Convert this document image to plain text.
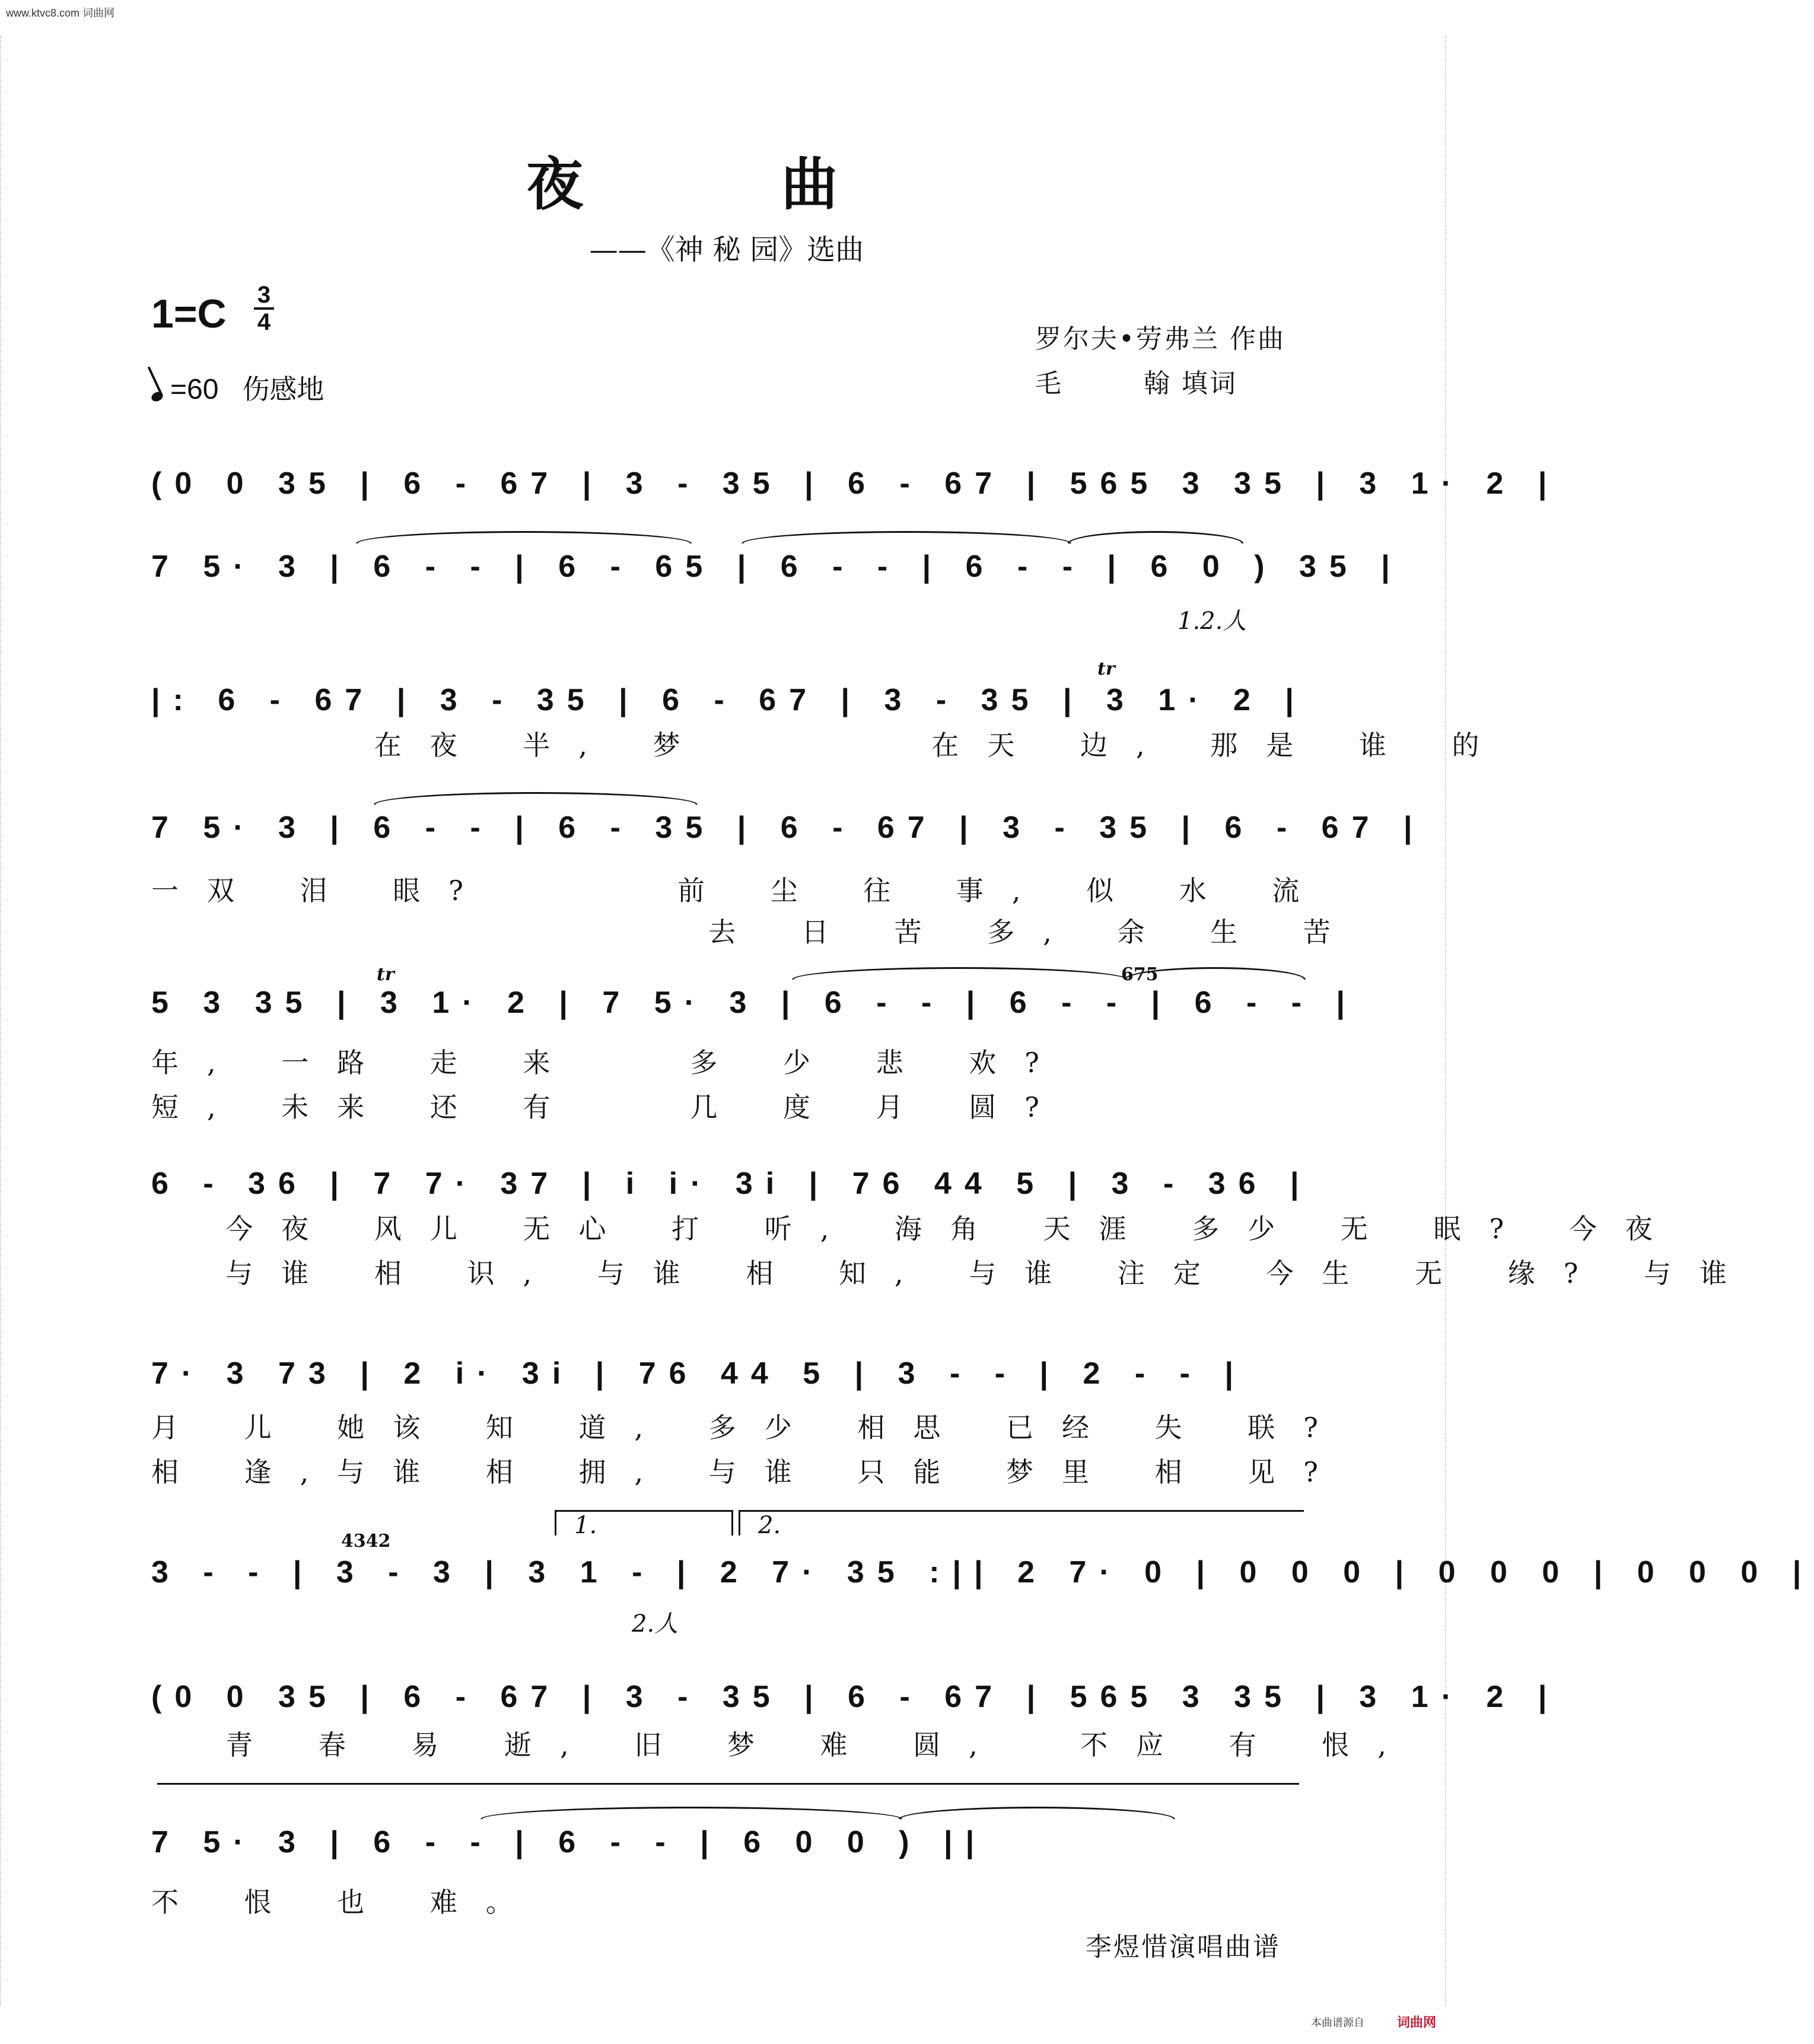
www.ktvc8.com 词曲网
夜 曲
——《神 秘 园》选曲
1=C 3
4
=60 伤感地
罗尔夫•劳弗兰 作曲
毛        翰 填词
(0 0 35 | 6 - 67 | 3 - 35 | 6 - 67 | 565 3 35 | 3 1· 2 |
7 5· 3 | 6 - - | 6 - 65 | 6 - - | 6 - - | 6 0 ) 35 |
1.2.人
tr
|: 6 - 67 | 3 - 35 | 6 - 67 | 3 - 35 | 3 1· 2 |
在夜 半, 梦      在天 边, 那是 谁 的
7 5· 3 | 6 - - | 6 - 35 | 6 - 67 | 3 - 35 | 6 - 67 |
一双 泪 眼?     前 尘 往 事, 似 水 流
去 日 苦 多, 余 生 苦
tr	675
5 3 35 | 3 1· 2 | 7 5· 3 | 6 - - | 6 - - | 6 - - |
年, 一路 走 来   多 少 悲 欢?
短, 未来 还 有   几 度 月 圆?
6 - 36 | 7 7· 37 | i i· 3i | 76 44 5 | 3 - 36 |
今夜 风儿 无心 打 听, 海角 天涯 多少 无 眠? 今夜
与谁 相 识, 与谁 相 知, 与谁 注定 今生 无 缘? 与谁
7· 3 73 | 2 i· 3i | 76 44 5 | 3 - - | 2 - - |
月 儿 她该 知 道, 多少 相思 已经 失 联?
相 逢,与谁 相 拥, 与谁 只能 梦里 相 见?
1.	2.
4342
3 - - | 3 - 3 | 3 1 - | 2 7· 35 :|| 2 7· 0 | 0 0 0 | 0 0 0 | 0 0 0 |
2.人
(0 0 35 | 6 - 67 | 3 - 35 | 6 - 67 | 565 3 35 | 3 1· 2 |
青 春 易 逝, 旧 梦 难 圆,  不应 有 恨,
7 5· 3 | 6 - - | 6 - - | 6 0 0 ) ||
不 恨 也 难。
李煜惜演唱曲谱
本曲谱源自	词曲网
